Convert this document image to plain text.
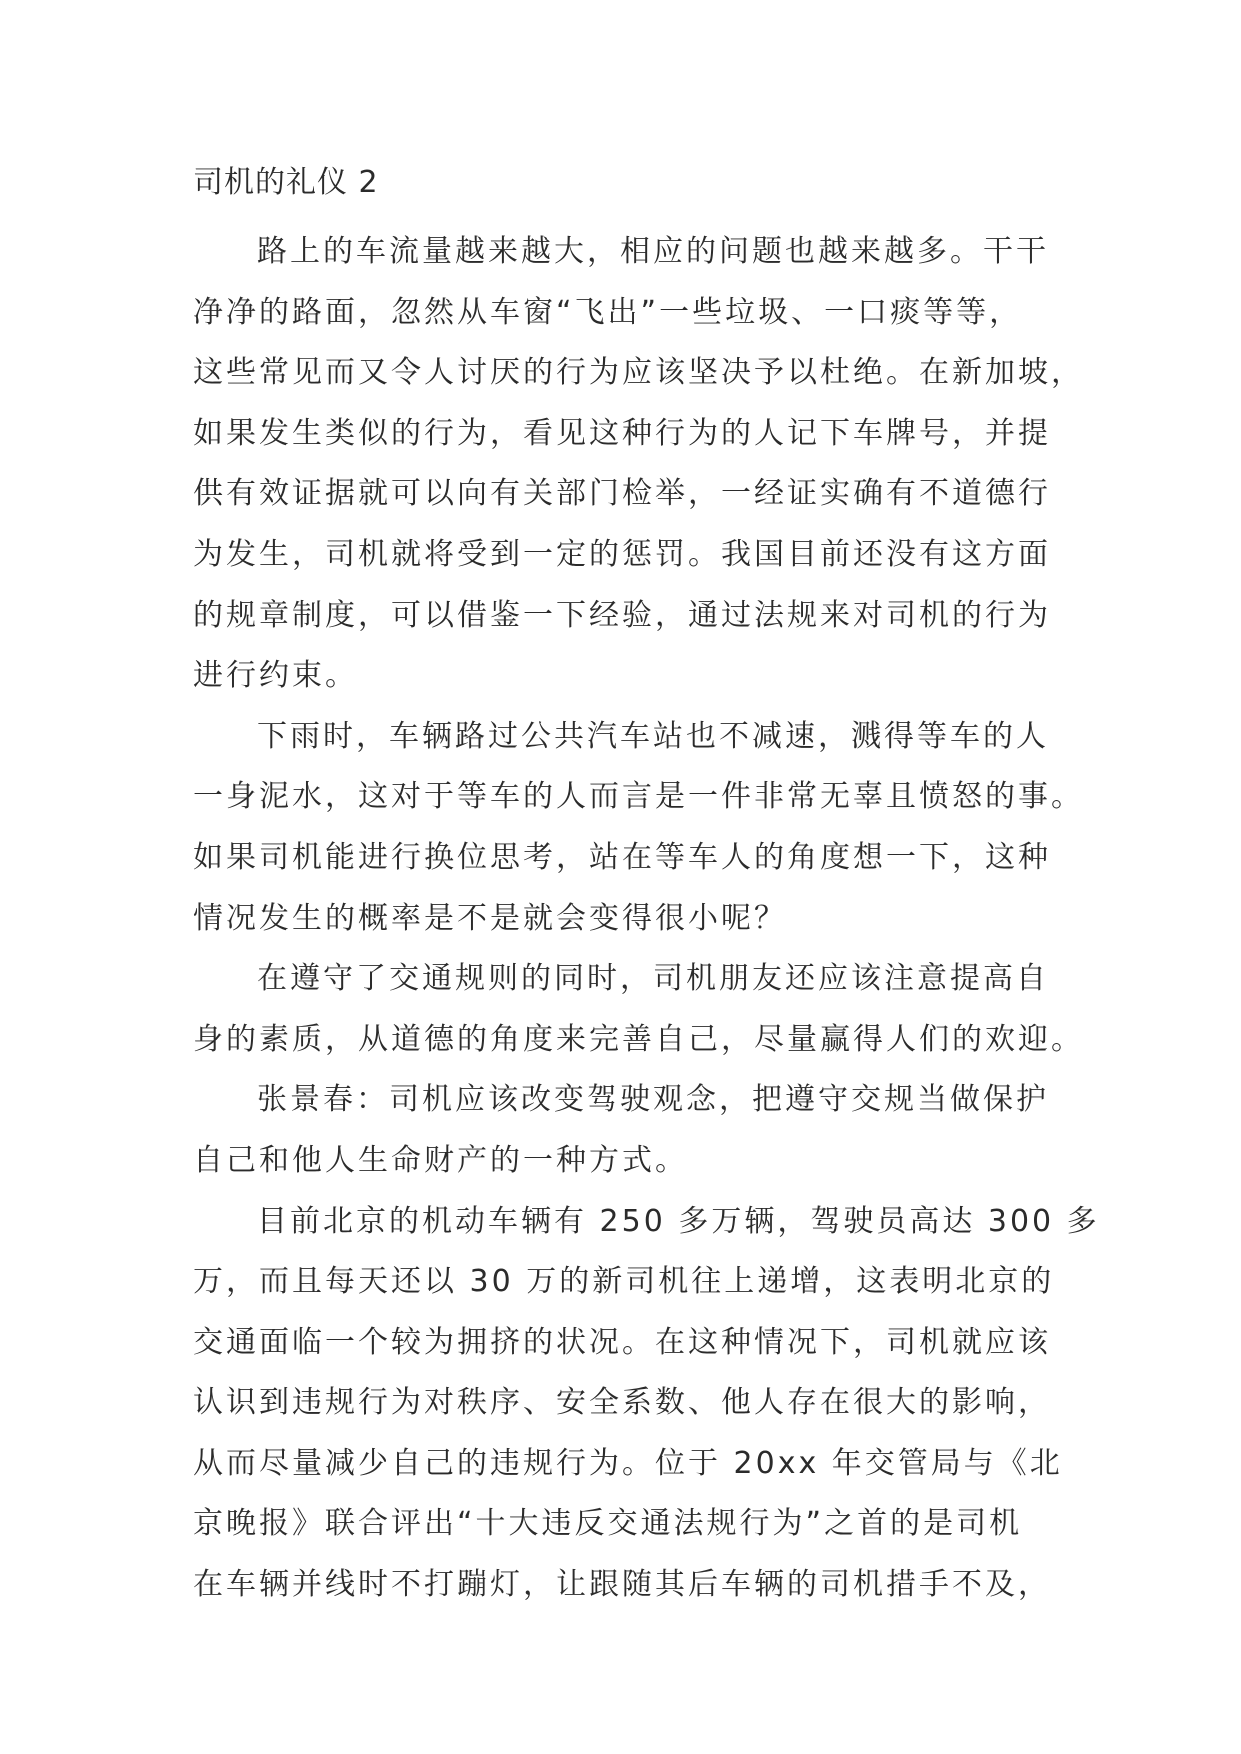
司机的礼仪 2
路上的车流量越来越大，相应的问题也越来越多。干干
净净的路面，忽然从车窗“飞出”一些垃圾、一口痰等等，
这些常见而又令人讨厌的行为应该坚决予以杜绝。在新加坡，
如果发生类似的行为，看见这种行为的人记下车牌号，并提
供有效证据就可以向有关部门检举，一经证实确有不道德行
为发生，司机就将受到一定的惩罚。我国目前还没有这方面
的规章制度，可以借鉴一下经验，通过法规来对司机的行为
进行约束。
下雨时，车辆路过公共汽车站也不减速，溅得等车的人
一身泥水，这对于等车的人而言是一件非常无辜且愤怒的事。
如果司机能进行换位思考，站在等车人的角度想一下，这种
情况发生的概率是不是就会变得很小呢？
在遵守了交通规则的同时，司机朋友还应该注意提高自
身的素质，从道德的角度来完善自己，尽量赢得人们的欢迎。
张景春：司机应该改变驾驶观念，把遵守交规当做保护
自己和他人生命财产的一种方式。
目前北京的机动车辆有 250 多万辆，驾驶员高达 300 多
万，而且每天还以 30 万的新司机往上递增，这表明北京的
交通面临一个较为拥挤的状况。在这种情况下，司机就应该
认识到违规行为对秩序、安全系数、他人存在很大的影响，
从而尽量减少自己的违规行为。位于 20xx 年交管局与《北
京晚报》联合评出“十大违反交通法规行为”之首的是司机
在车辆并线时不打蹦灯，让跟随其后车辆的司机措手不及，
